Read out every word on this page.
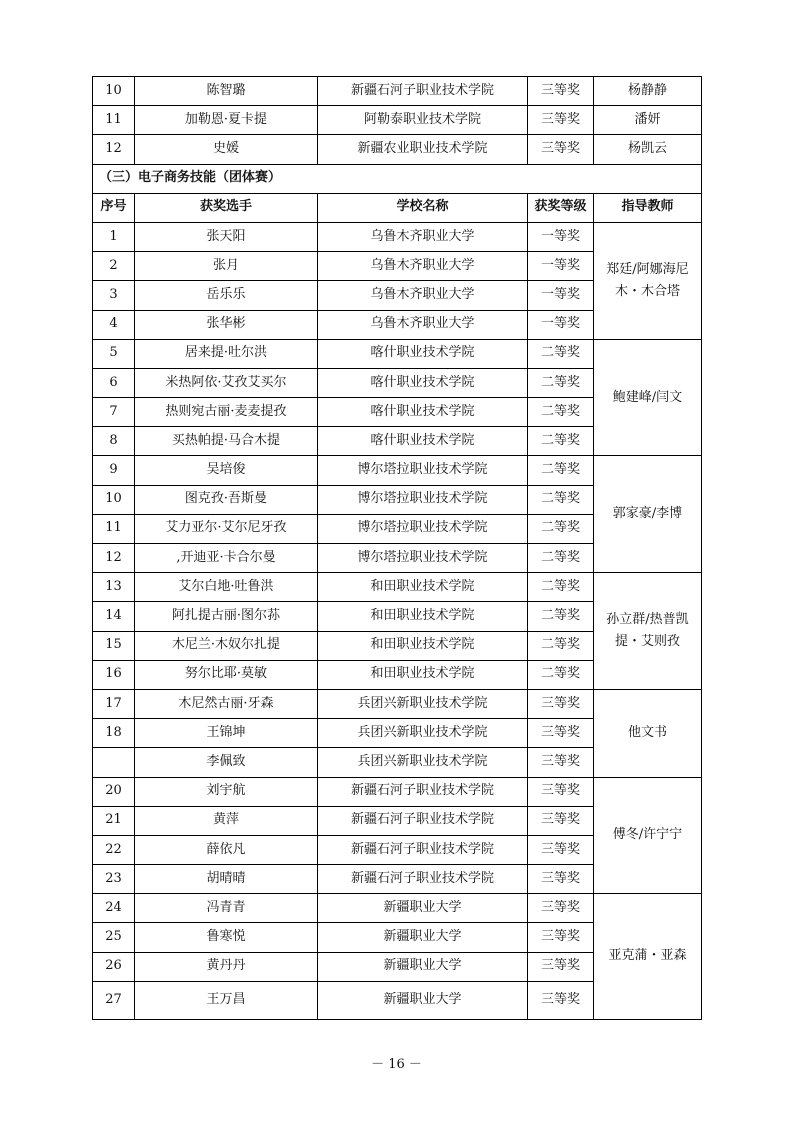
10	陈智璐	新疆石河子职业技术学院	三等奖	杨静静
11	加勒恩·夏卡提	阿勒泰职业技术学院	三等奖	潘妍
12	史媛	新疆农业职业技术学院	三等奖	杨凯云
（三）电子商务技能（团体赛）				
序号	获奖选手	学校名称	获奖等级	指导教师
1	张天阳	乌鲁木齐职业大学	一等奖	郑廷/阿娜海尼木・木合塔
2	张月	乌鲁木齐职业大学	一等奖	
3	岳乐乐	乌鲁木齐职业大学	一等奖	
4	张华彬	乌鲁木齐职业大学	一等奖	
5	居来提·吐尔洪	喀什职业技术学院	二等奖	鲍建峰/闫文
6	米热阿依·艾孜艾买尔	喀什职业技术学院	二等奖	
7	热则宛古丽·麦麦提孜	喀什职业技术学院	二等奖	
8	买热帕提·马合木提	喀什职业技术学院	二等奖	
9	吴培俊	博尔塔拉职业技术学院	二等奖	郭家豪/李博
10	图克孜·吾斯曼	博尔塔拉职业技术学院	二等奖	
11	艾力亚尔·艾尔尼牙孜	博尔塔拉职业技术学院	二等奖	
12	,开迪亚·卡合尔曼	博尔塔拉职业技术学院	二等奖	
13	艾尔白地·吐鲁洪	和田职业技术学院	二等奖	孙立群/热普凯提・艾则孜
14	阿扎提古丽·图尔荪	和田职业技术学院	二等奖	
15	木尼兰·木奴尔扎提	和田职业技术学院	二等奖	
16	努尔比耶·莫敏	和田职业技术学院	二等奖	
17	木尼然古丽·牙森	兵团兴新职业技术学院	三等奖	他文书
18	王锦坤	兵团兴新职业技术学院	三等奖	
	李佩致	兵团兴新职业技术学院	三等奖	
20	刘宇航	新疆石河子职业技术学院	三等奖	傅冬/许宁宁
21	黄萍	新疆石河子职业技术学院	三等奖	
22	薛依凡	新疆石河子职业技术学院	三等奖	
23	胡晴晴	新疆石河子职业技术学院	三等奖	
24	冯青青	新疆职业大学	三等奖	亚克蒲・亚森
25	鲁寒悦	新疆职业大学	三等奖	
26	黄丹丹	新疆职业大学	三等奖	
27	王万昌	新疆职业大学	三等奖	
－ 16 －
